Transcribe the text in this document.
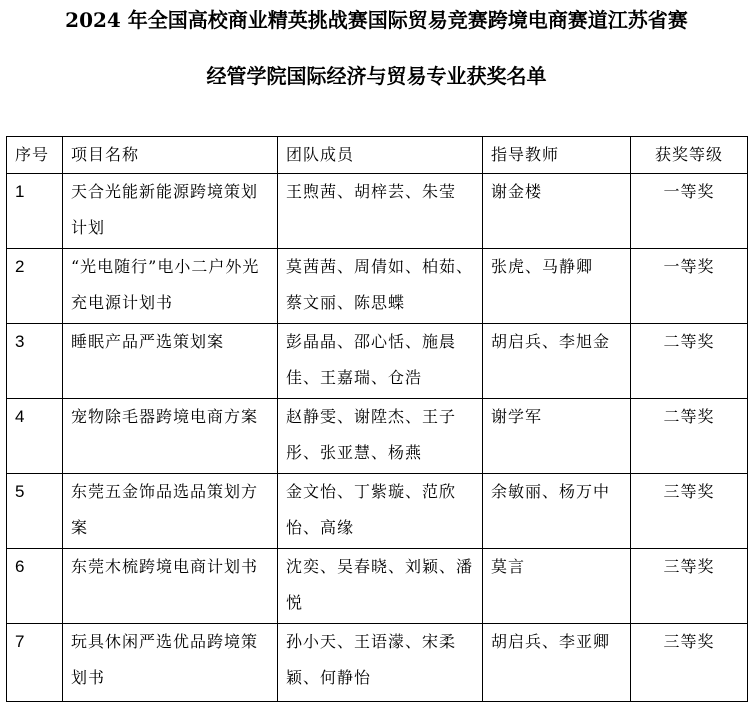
2024 年全国高校商业精英挑战赛国际贸易竞赛跨境电商赛道江苏省赛
经管学院国际经济与贸易专业获奖名单
序号	项目名称	团队成员	指导教师	获奖等级
1	天合光能新能源跨境策划计划	王煦茜、胡梓芸、朱莹	谢金楼	一等奖
2	“光电随行”电小二户外光充电源计划书	莫茜茜、周倩如、柏茹、蔡文丽、陈思蝶	张虎、马静卿	一等奖
3	睡眠产品严选策划案	彭晶晶、邵心恬、施晨佳、王嘉瑞、仓浩	胡启兵、李旭金	二等奖
4	宠物除毛器跨境电商方案	赵静雯、谢陞杰、王子彤、张亚慧、杨燕	谢学军	二等奖
5	东莞五金饰品选品策划方案	金文怡、丁紫璇、范欣怡、高缘	余敏丽、杨万中	三等奖
6	东莞木梳跨境电商计划书	沈奕、吴春晓、刘颖、潘悦	莫言	三等奖
7	玩具休闲严选优品跨境策划书	孙小天、王语濛、宋柔颖、何静怡	胡启兵、李亚卿	三等奖
